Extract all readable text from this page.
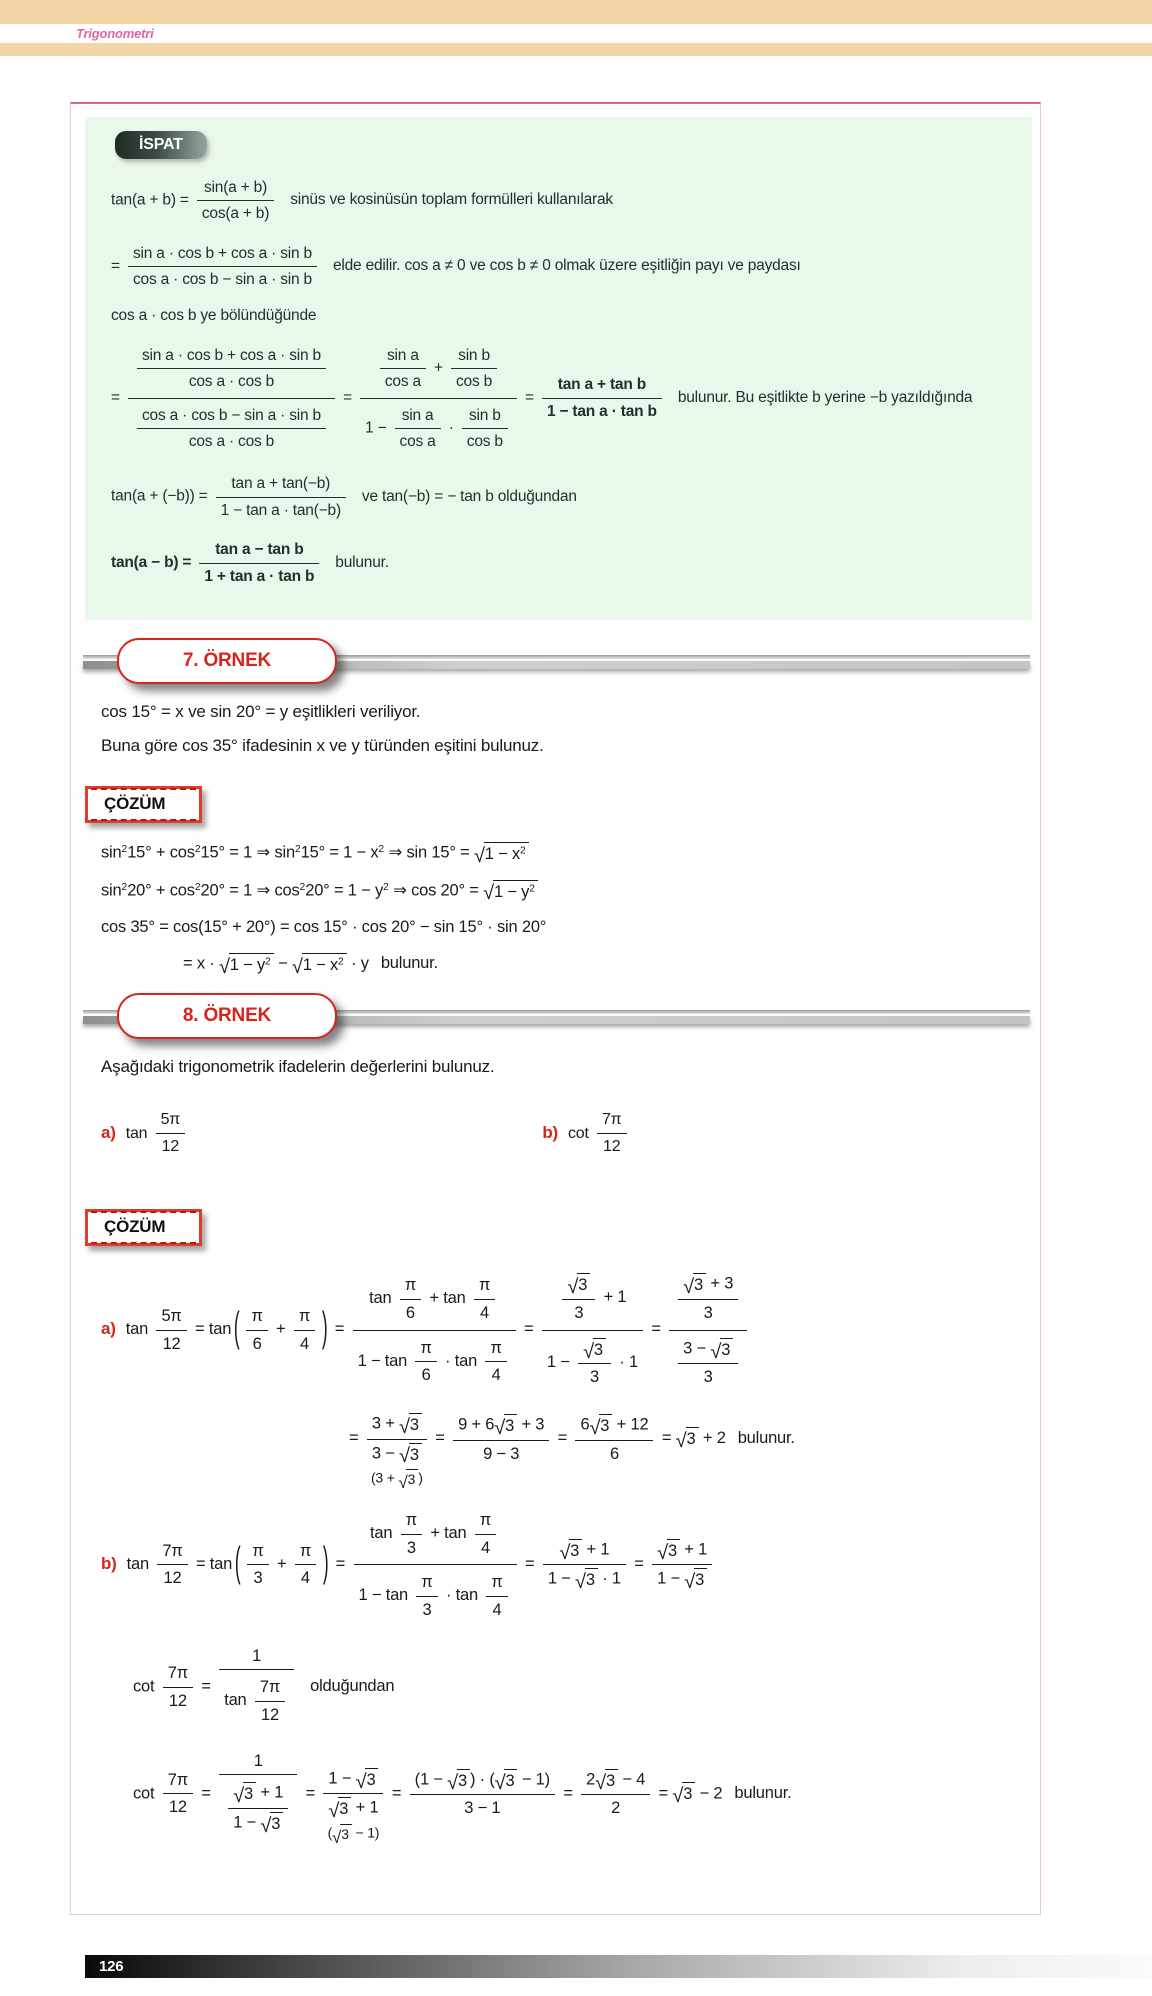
Trigonometri
İSPAT
$\tan(a + b) = \frac{\sin(a + b)}{\cos(a + b)}$ sinüs ve kosinüsün toplam formülleri kullanılarak
= $\frac{\text{sin a · cos b + cos a · sin b}}{\text{cos a · cos b − sin a · sin b}}$ elde edilir. cos a ≠ 0 ve cos b ≠ 0 olmak üzere eşitliğin payı ve paydası
cos a · cos b ye bölündüğünde
= $\frac{\frac{\text{sin a · cos b + cos a · sin b}}{\text{cos a · cos b}}}{\frac{\text{cos a · cos b − sin a · sin b}}{\text{cos a · cos b}}} = \frac{\frac{\text{sin a}}{\text{cos a}} + \frac{\text{sin b}}{\text{cos b}}}{1 - \frac{\text{sin a}}{\text{cos a}} \cdot \frac{\text{sin b}}{\text{cos b}}} = \frac{\text{tan a + tan b}}{\text{1 − tan a · tan b}}$ bulunur. Bu eşitlikte b yerine −b yazıldığında
$\tan(a + (-b)) = \frac{\text{tan a + tan(−b)}}{\text{1 − tan a · tan(−b)}}$ ve tan(−b) = − tan b olduğundan
$\tan(a - b) = \frac{\text{tan a − tan b}}{\text{1 + tan a · tan b}}$ bulunur.
7. ÖRNEK

cos 15° = x ve sin 20° = y eşitlikleri veriliyor.

Buna göre cos 35° ifadesinin x ve y türünden eşitini bulunuz.

ÇÖZÜM
$\sin^215^\circ + \cos^215^\circ = 1$ ⇒ $\sin^215^\circ = 1 - x^2$ ⇒ sin 15° = √ $1 - x^2$
$\sin^220^\circ + \cos^220^\circ = 1$ ⇒ $\cos^220^\circ = 1 - y^2$ ⇒ cos 20° = √ $1 - y^2$
cos 35° = cos(15° + 20°) = cos 15° · cos 20° − sin 15° · sin 20°
= x · √ $1 - y^2$ − √ $1 - x^2 \cdot y$ bulunur.
8. ÖRNEK

Aşağıdaki trigonometrik ifadelerin değerlerini bulunuz.

a) $\tan \frac{5\pi}{12}$	b) $\cot \frac{7\pi}{12}$
ÇÖZÜM
a) $\tan \frac{5\pi}{12} = \tan$ ( $\frac{\pi}{6} + \frac{\pi}{4}$ ) = $\frac{\tan \frac{\pi}{6} + \tan \frac{\pi}{4}}{1 - \tan \frac{\pi}{6} \cdot \tan \frac{\pi}{4}} = \frac{\frac{√ 3}{3} + 1}{1 - \frac{√ 3}{3} \cdot 1} = \frac{\frac{√ 3 + 3}{3}}{\frac{3 - √ 3}{3}}$
= $\frac{3 + √ 3}{3 - √ 3}$
(3 + √ 3 )
= $\frac{9 + 6 √ 3 + 3}{9 - 3} = \frac{6 √ 3 + 12}{6}$ = √ 3 + 2 bulunur.
b) $\tan \frac{7\pi}{12} = \tan$ ( $\frac{\pi}{3} + \frac{\pi}{4}$ ) = $\frac{\tan \frac{\pi}{3} + \tan \frac{\pi}{4}}{1 - \tan \frac{\pi}{3} \cdot \tan \frac{\pi}{4}} = \frac{√ 3 + 1}{1 - √ 3 \cdot 1} = \frac{√ 3 + 1}{1 - √ 3}$
$\cot \frac{7\pi}{12} = \frac{1}{\tan \frac{7\pi}{12}}$ olduğundan
$\cot \frac{7\pi}{12} = \frac{1}{\frac{√ 3 + 1}{1 - √ 3}} = \frac{1 - √ 3}{√ 3 + 1}$
( √ 3 − 1)
= $\frac{(1 - √ 3 ) \cdot ( √ 3 - 1)}{3 - 1} = \frac{2 √ 3 - 4}{2}$ = √ 3 − 2 bulunur.
126
